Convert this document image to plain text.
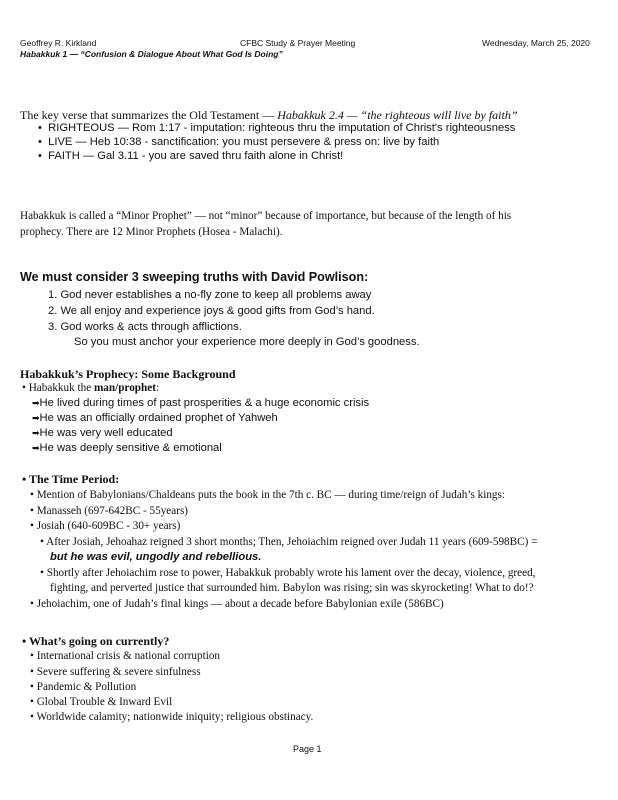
Geoffrey R. Kirkland	CFBC Study & Prayer Meeting	Wednesday, March 25, 2020
Habakkuk 1 — “Confusion & Dialogue About What God Is Doing”
The key verse that summarizes the Old Testament — Habakkuk 2.4 — “the righteous will live by faith”
• RIGHTEOUS — Rom 1:17 - imputation: righteous thru the imputation of Christ's righteousness
• LIVE — Heb 10:38 - sanctification: you must persevere & press on: live by faith
• FAITH — Gal 3.11 - you are saved thru faith alone in Christ!
Habakkuk is called a “Minor Prophet” — not “minor” because of importance, but because of the length of his
prophecy. There are 12 Minor Prophets (Hosea - Malachi).
We must consider 3 sweeping truths with David Powlison:
1. God never establishes a no-fly zone to keep all problems away
2. We all enjoy and experience joys & good gifts from God’s hand.
3. God works & acts through afflictions.
So you must anchor your experience more deeply in God’s goodness.
Habakkuk’s Prophecy: Some Background
• Habakkuk the man/prophet:
➡He lived during times of past prosperities & a huge economic crisis
➡He was an officially ordained prophet of Yahweh
➡He was very well educated
➡He was deeply sensitive & emotional
• The Time Period:
• Mention of Babylonians/Chaldeans puts the book in the 7th c. BC — during time/reign of Judah’s kings:
• Manasseh (697-642BC - 55years)
• Josiah (640-609BC - 30+ years)
• After Josiah, Jehoahaz reigned 3 short months; Then, Jehoiachim reigned over Judah 11 years (609-598BC) =
but he was evil, ungodly and rebellious.
• Shortly after Jehoiachim rose to power, Habakkuk probably wrote his lament over the decay, violence, greed,
fighting, and perverted justice that surrounded him. Babylon was rising; sin was skyrocketing! What to do!?
• Jehoiachim, one of Judah’s final kings — about a decade before Babylonian exile (586BC)
• What’s going on currently?
• International crisis & national corruption
• Severe suffering & severe sinfulness
• Pandemic & Pollution
• Global Trouble & Inward Evil
• Worldwide calamity; nationwide iniquity; religious obstinacy.
Page 1
